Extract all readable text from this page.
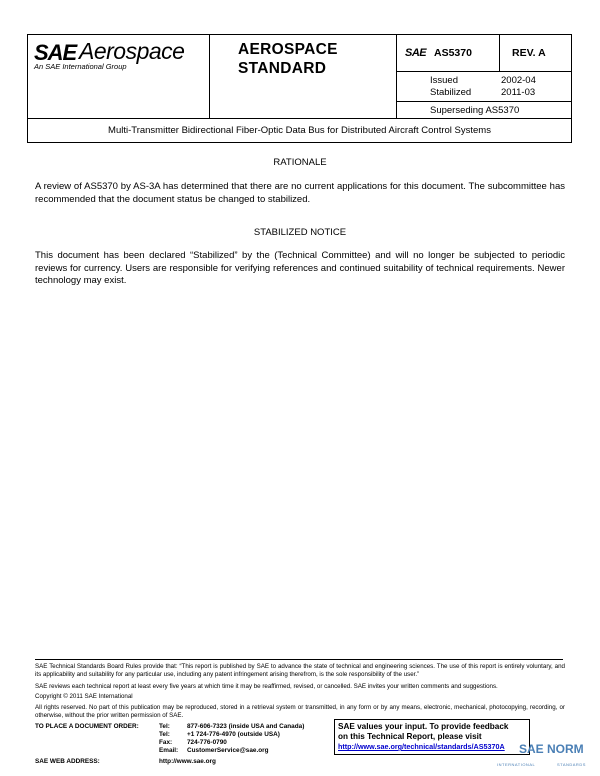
SAE Aerospace
An SAE International Group
AEROSPACE
STANDARD
SAE AS5370	REV. A
Issued	2002-04
Stabilized	2011-03
Superseding AS5370
Multi-Transmitter Bidirectional Fiber-Optic Data Bus for Distributed Aircraft Control Systems
RATIONALE
A review of AS5370 by AS-3A has determined that there are no current applications for this document. The subcommittee has recommended that the document status be changed to stabilized.
STABILIZED NOTICE
This document has been declared “Stabilized” by the (Technical Committee) and will no longer be subjected to periodic reviews for currency. Users are responsible for verifying references and continued suitability of technical requirements. Newer technology may exist.
SAE Technical Standards Board Rules provide that: “This report is published by SAE to advance the state of technical and engineering sciences. The use of this report is entirely voluntary, and its applicability and suitability for any particular use, including any patent infringement arising therefrom, is the sole responsibility of the user.”
SAE reviews each technical report at least every five years at which time it may be reaffirmed, revised, or cancelled. SAE invites your written comments and suggestions.
Copyright © 2011 SAE International
All rights reserved. No part of this publication may be reproduced, stored in a retrieval system or transmitted, in any form or by any means, electronic, mechanical, photocopying, recording, or otherwise, without the prior written permission of SAE.
TO PLACE A DOCUMENT ORDER:	Tel:	877-606-7323 (inside USA and Canada)
Tel:	+1 724-776-4970 (outside USA)
Fax: 724-776-0790
Email: CustomerService@sae.org
SAE WEB ADDRESS:	http://www.sae.org
SAE values your input. To provide feedback
on this Technical Report, please visit
http://www.sae.org/technical/standards/AS5370A	SAE NORM
INTERNATIONAL	STANDARDS
